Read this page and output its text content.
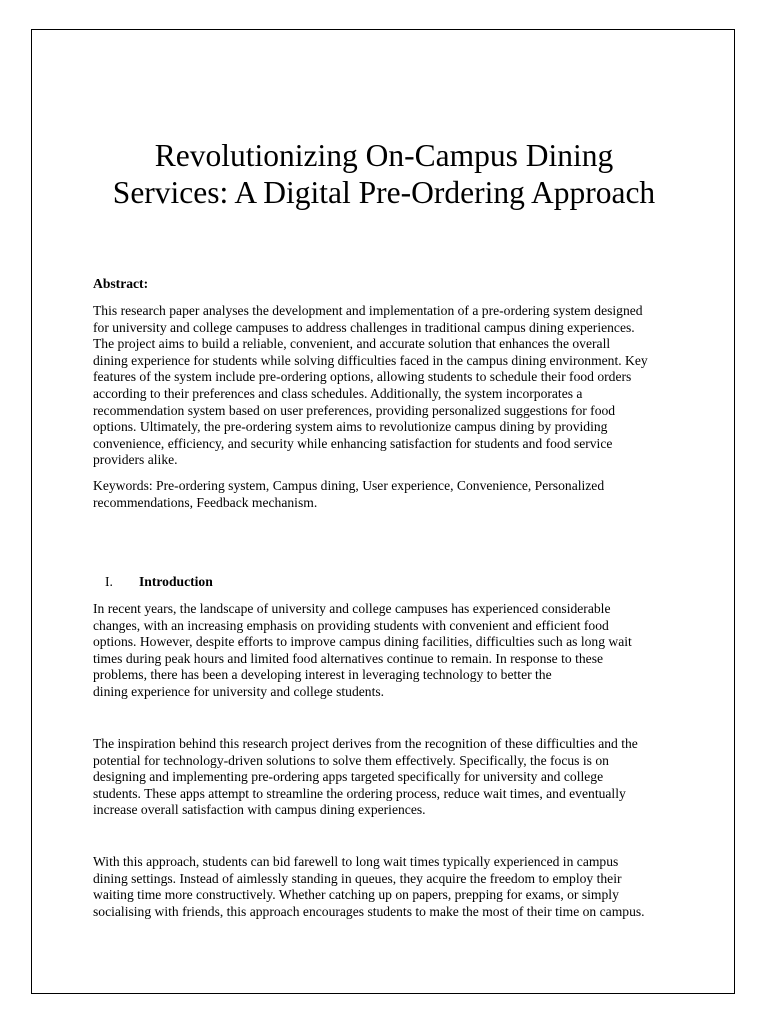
Revolutionizing On-Campus Dining
Services: A Digital Pre-Ordering Approach

Abstract:

This research paper analyses the development and implementation of a pre-ordering system designed
for university and college campuses to address challenges in traditional campus dining experiences.
The project aims to build a reliable, convenient, and accurate solution that enhances the overall
dining experience for students while solving difficulties faced in the campus dining environment. Key
features of the system include pre-ordering options, allowing students to schedule their food orders
according to their preferences and class schedules. Additionally, the system incorporates a
recommendation system based on user preferences, providing personalized suggestions for food
options. Ultimately, the pre-ordering system aims to revolutionize campus dining by providing
convenience, efficiency, and security while enhancing satisfaction for students and food service
providers alike.

Keywords: Pre-ordering system, Campus dining, User experience, Convenience, Personalized
recommendations, Feedback mechanism.

I. Introduction

In recent years, the landscape of university and college campuses has experienced considerable
changes, with an increasing emphasis on providing students with convenient and efficient food
options. However, despite efforts to improve campus dining facilities, difficulties such as long wait
times during peak hours and limited food alternatives continue to remain. In response to these
problems, there has been a developing interest in leveraging technology to better the
dining experience for university and college students.

The inspiration behind this research project derives from the recognition of these difficulties and the
potential for technology-driven solutions to solve them effectively. Specifically, the focus is on
designing and implementing pre-ordering apps targeted specifically for university and college
students. These apps attempt to streamline the ordering process, reduce wait times, and eventually
increase overall satisfaction with campus dining experiences.

With this approach, students can bid farewell to long wait times typically experienced in campus
dining settings. Instead of aimlessly standing in queues, they acquire the freedom to employ their
waiting time more constructively. Whether catching up on papers, prepping for exams, or simply
socialising with friends, this approach encourages students to make the most of their time on campus.
